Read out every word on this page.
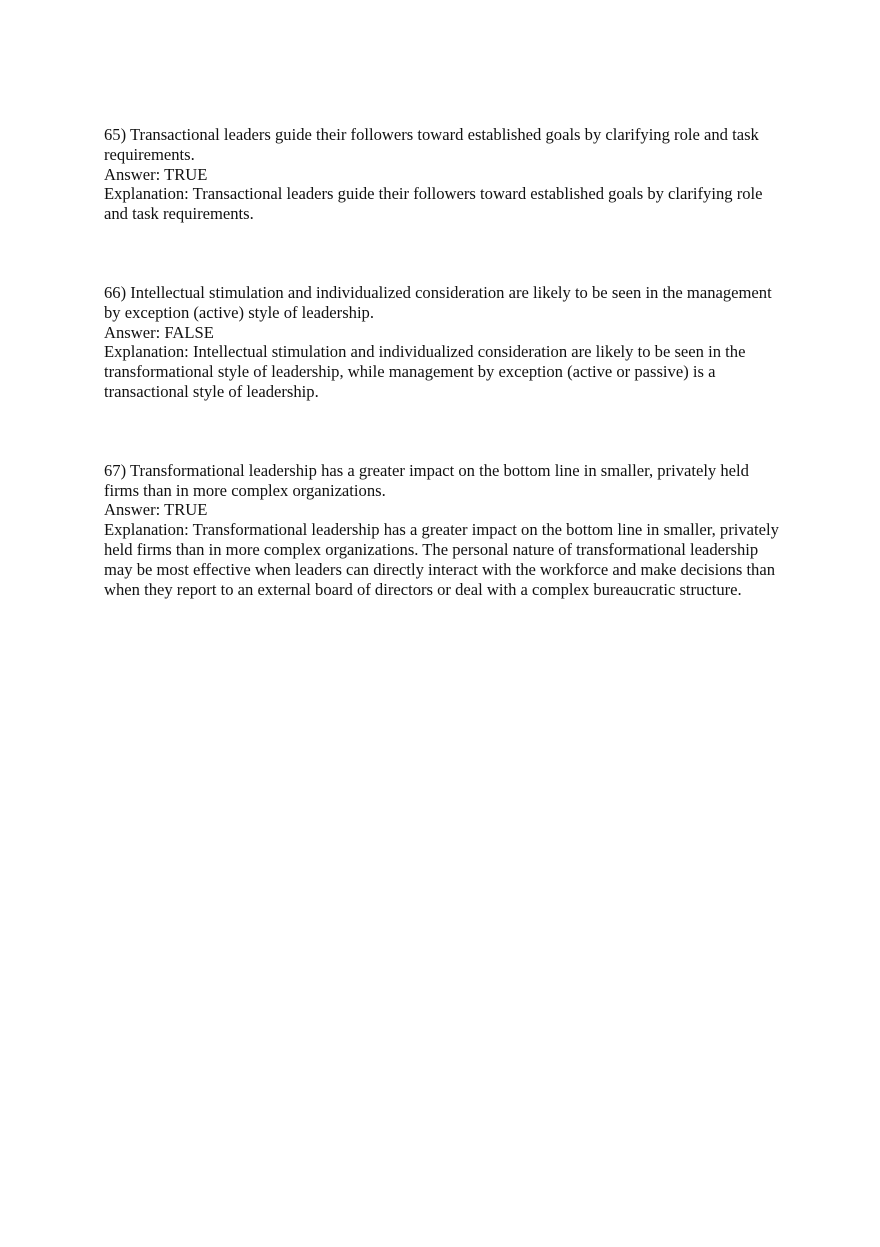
65) Transactional leaders guide their followers toward established goals by clarifying role and task requirements.

Answer: TRUE

Explanation: Transactional leaders guide their followers toward established goals by clarifying role and task requirements.

66) Intellectual stimulation and individualized consideration are likely to be seen in the management by exception (active) style of leadership.

Answer: FALSE

Explanation: Intellectual stimulation and individualized consideration are likely to be seen in the transformational style of leadership, while management by exception (active or passive) is a transactional style of leadership.

67) Transformational leadership has a greater impact on the bottom line in smaller, privately held firms than in more complex organizations.

Answer: TRUE

Explanation: Transformational leadership has a greater impact on the bottom line in smaller, privately held firms than in more complex organizations. The personal nature of transformational leadership may be most effective when leaders can directly interact with the workforce and make decisions than when they report to an external board of directors or deal with a complex bureaucratic structure.
